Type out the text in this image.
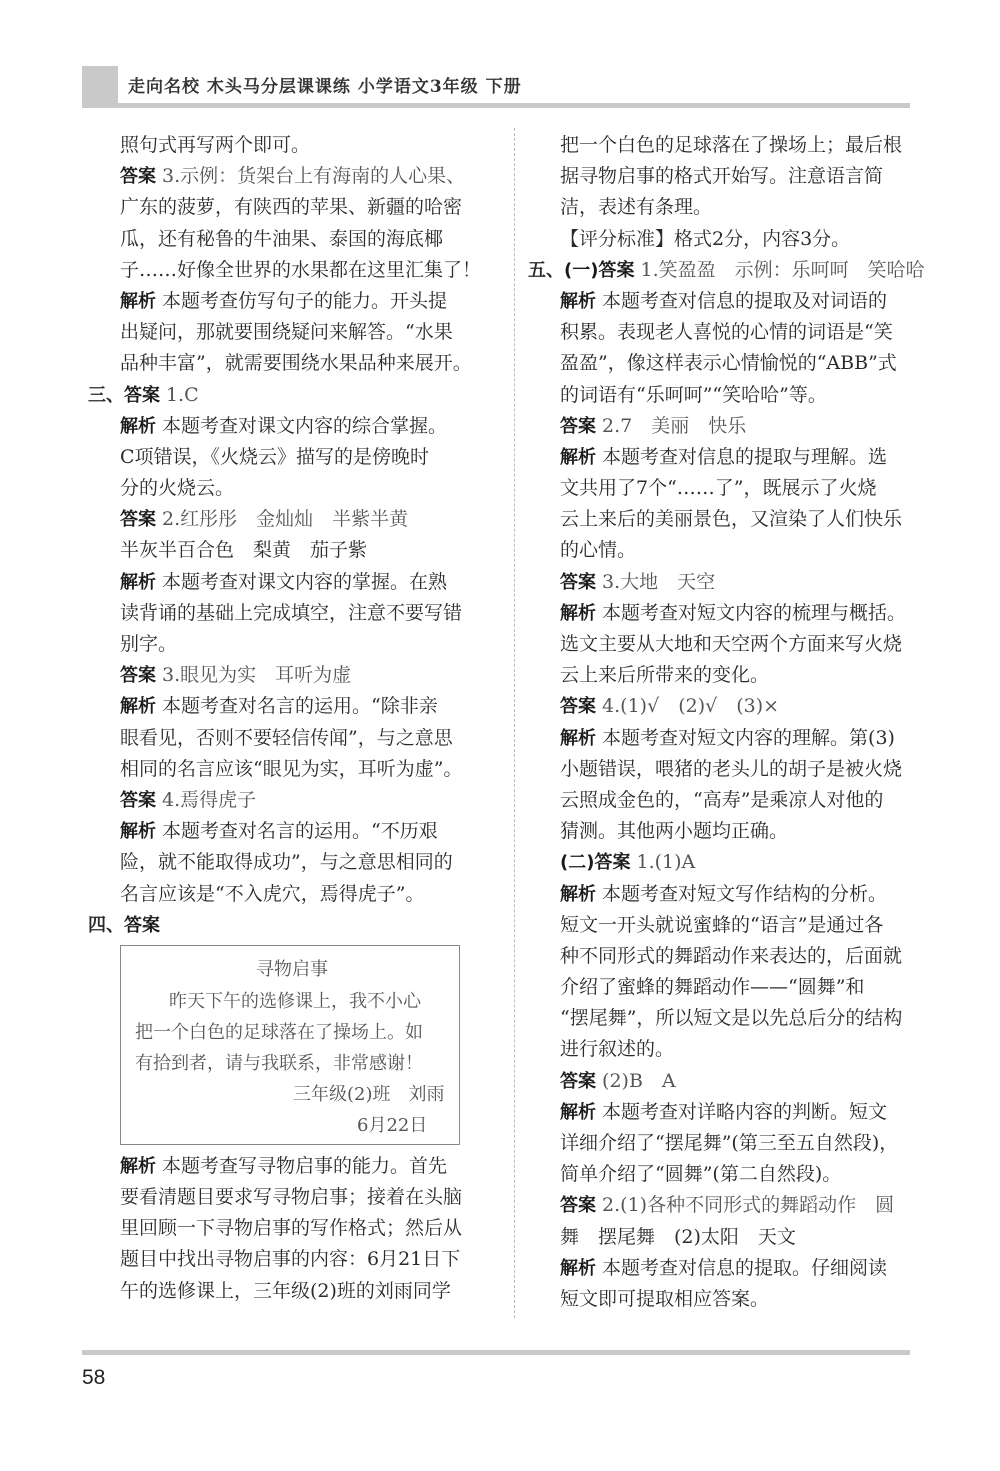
走向名校 木头马分层课课练 小学语文3年级 下册
照句式再写两个即可。
答案 3.示例：货架台上有海南的人心果、
广东的菠萝，有陕西的苹果、新疆的哈密
瓜，还有秘鲁的牛油果、泰国的海底椰
子……好像全世界的水果都在这里汇集了！
解析 本题考查仿写句子的能力。开头提
出疑问，那就要围绕疑问来解答。“水果
品种丰富”，就需要围绕水果品种来展开。
三、答案 1.C
解析 本题考查对课文内容的综合掌握。
C项错误，《火烧云》描写的是傍晚时
分的火烧云。
答案 2.红彤彤　金灿灿　半紫半黄
半灰半百合色　梨黄　茄子紫
解析 本题考查对课文内容的掌握。在熟
读背诵的基础上完成填空，注意不要写错
别字。
答案 3.眼见为实　耳听为虚
解析 本题考查对名言的运用。“除非亲
眼看见，否则不要轻信传闻”，与之意思
相同的名言应该“眼见为实，耳听为虚”。
答案 4.焉得虎子
解析 本题考查对名言的运用。“不历艰
险，就不能取得成功”，与之意思相同的
名言应该是“不入虎穴，焉得虎子”。
四、答案
寻物启事
昨天下午的选修课上，我不小心
把一个白色的足球落在了操场上。如
有拾到者，请与我联系，非常感谢！
三年级(2)班　刘雨
6月22日
解析 本题考查写寻物启事的能力。首先
要看清题目要求写寻物启事；接着在头脑
里回顾一下寻物启事的写作格式；然后从
题目中找出寻物启事的内容：6月21日下
午的选修课上，三年级(2)班的刘雨同学
把一个白色的足球落在了操场上；最后根
据寻物启事的格式开始写。注意语言简
洁，表述有条理。
【评分标准】格式2分，内容3分。
五、(一)答案 1.笑盈盈　示例：乐呵呵　笑哈哈
解析 本题考查对信息的提取及对词语的
积累。表现老人喜悦的心情的词语是“笑
盈盈”，像这样表示心情愉悦的“ABB”式
的词语有“乐呵呵”“笑哈哈”等。
答案 2.7　美丽　快乐
解析 本题考查对信息的提取与理解。选
文共用了7个“……了”，既展示了火烧
云上来后的美丽景色，又渲染了人们快乐
的心情。
答案 3.大地　天空
解析 本题考查对短文内容的梳理与概括。
选文主要从大地和天空两个方面来写火烧
云上来后所带来的变化。
答案 4.(1)√　(2)√　(3)×
解析 本题考查对短文内容的理解。第(3)
小题错误，喂猪的老头儿的胡子是被火烧
云照成金色的，“高寿”是乘凉人对他的
猜测。其他两小题均正确。
(二)答案 1.(1)A
解析 本题考查对短文写作结构的分析。
短文一开头就说蜜蜂的“语言”是通过各
种不同形式的舞蹈动作来表达的，后面就
介绍了蜜蜂的舞蹈动作——“圆舞”和
“摆尾舞”，所以短文是以先总后分的结构
进行叙述的。
答案 (2)B　A
解析 本题考查对详略内容的判断。短文
详细介绍了“摆尾舞”(第三至五自然段)，
简单介绍了“圆舞”(第二自然段)。
答案 2.(1)各种不同形式的舞蹈动作　圆
舞　摆尾舞　(2)太阳　天文
解析 本题考查对信息的提取。仔细阅读
短文即可提取相应答案。
58
